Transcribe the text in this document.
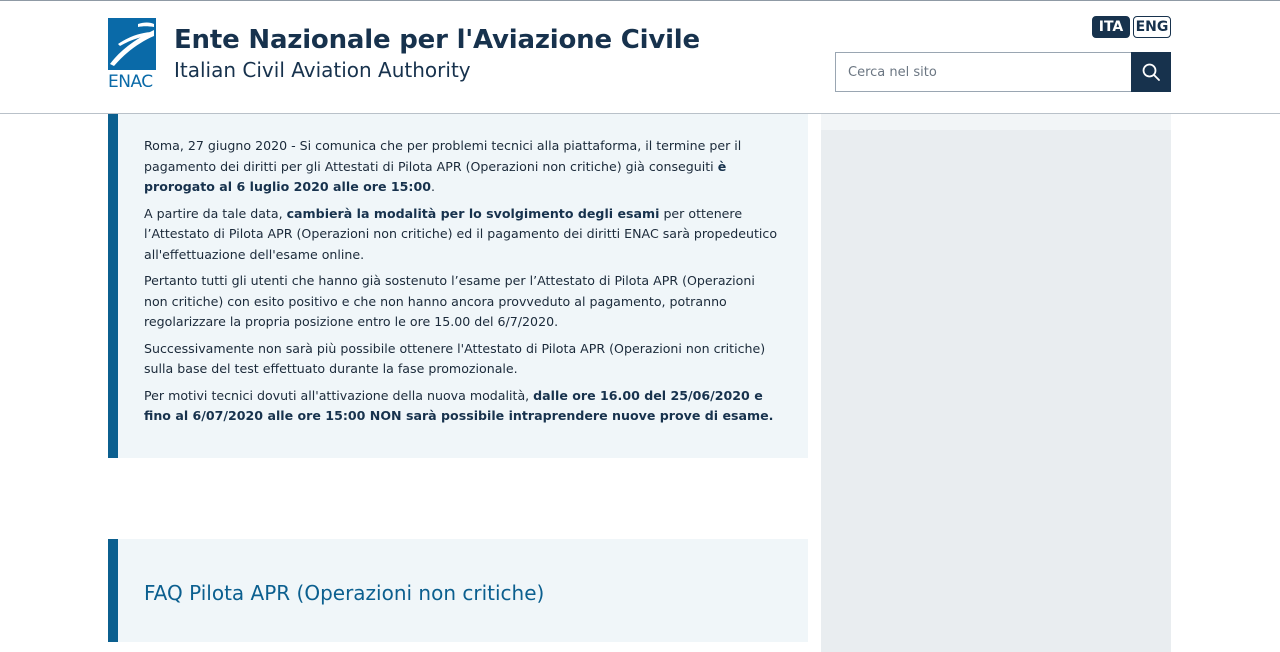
ENAC
Ente Nazionale per l'Aviazione Civile
Italian Civil Aviation Authority
ITA ENG
Cerca nel sito

Roma, 27 giugno 2020 - Si comunica che per problemi tecnici alla piattaforma, il termine per il pagamento dei diritti per gli Attestati di Pilota APR (Operazioni non critiche) già conseguiti è prorogato al 6 luglio 2020 alle ore 15:00.

A partire da tale data, cambierà la modalità per lo svolgimento degli esami per ottenere l’Attestato di Pilota APR (Operazioni non critiche) ed il pagamento dei diritti ENAC sarà propedeutico all'effettuazione dell'esame online.

Pertanto tutti gli utenti che hanno già sostenuto l’esame per l’Attestato di Pilota APR (Operazioni non critiche) con esito positivo e che non hanno ancora provveduto al pagamento, potranno regolarizzare la propria posizione entro le ore 15.00 del 6/7/2020.

Successivamente non sarà più possibile ottenere l'Attestato di Pilota APR (Operazioni non critiche) sulla base del test effettuato durante la fase promozionale.

Per motivi tecnici dovuti all'attivazione della nuova modalità, dalle ore 16.00 del 25/06/2020 e fino al 6/07/2020 alle ore 15:00 NON sarà possibile intraprendere nuove prove di esame.

FAQ Pilota APR (Operazioni non critiche)
